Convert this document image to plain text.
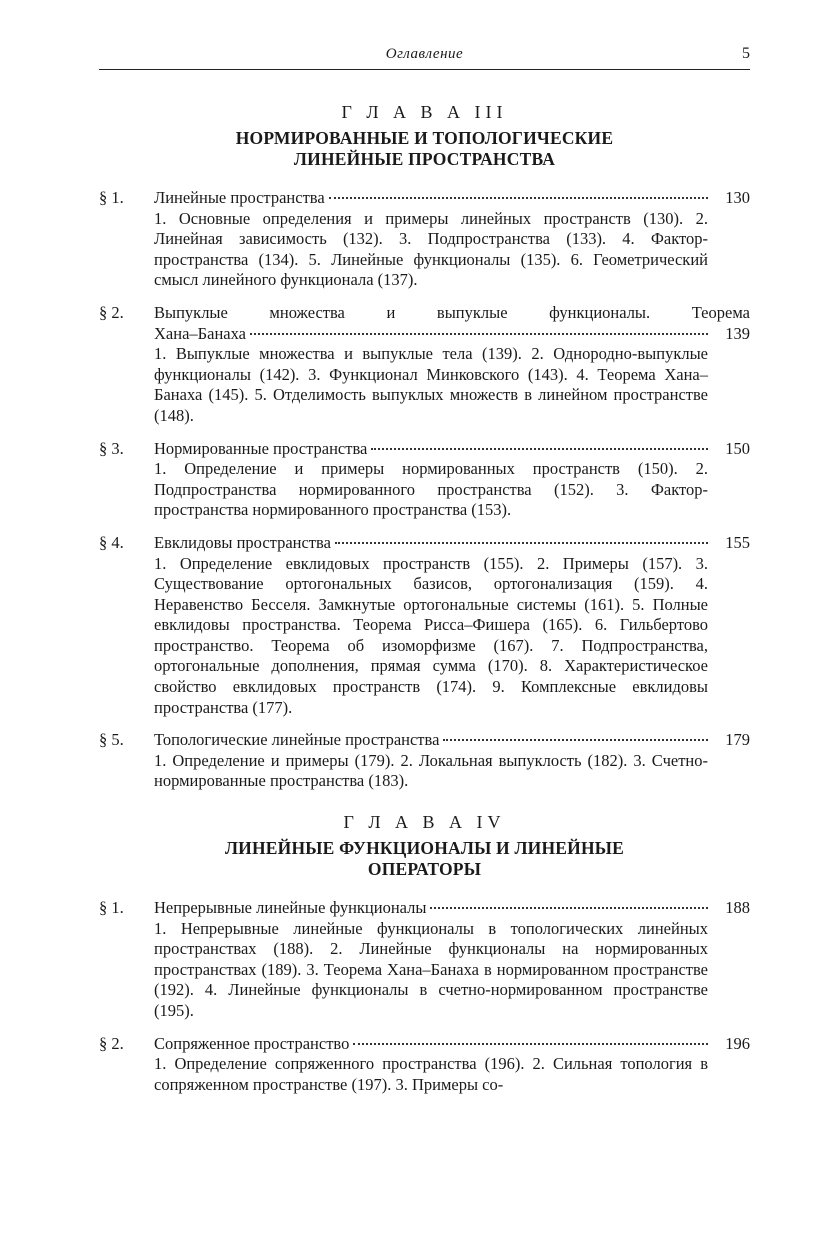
Оглавление	5
Г Л А В А III
НОРМИРОВАННЫЕ И ТОПОЛОГИЧЕСКИЕ
ЛИНЕЙНЫЕ ПРОСТРАНСТВА
§ 1.	Линейные пространства	130
1. Основные определения и примеры линейных пространств (130). 2. Линейная зависимость (132). 3. Подпространства (133). 4. Фактор-пространства (134). 5. Линейные функционалы (135). 6. Геометрический смысл линейного функционала (137).
§ 2.	Выпуклые множества и выпуклые функционалы. Теорема
Хана–Банаха	139
1. Выпуклые множества и выпуклые тела (139). 2. Однородно-выпуклые функционалы (142). 3. Функционал Минковского (143). 4. Теорема Хана–Банаха (145). 5. Отделимость выпуклых множеств в линейном пространстве (148).
§ 3.	Нормированные пространства	150
1. Определение и примеры нормированных пространств (150). 2. Подпространства нормированного пространства (152). 3. Фактор-пространства нормированного пространства (153).
§ 4.	Евклидовы пространства	155
1. Определение евклидовых пространств (155). 2. Примеры (157). 3. Существование ортогональных базисов, ортогонализация (159). 4. Неравенство Бесселя. Замкнутые ортогональные системы (161). 5. Полные евклидовы пространства. Теорема Рисса–Фишера (165). 6. Гильбертово пространство. Теорема об изоморфизме (167). 7. Подпространства, ортогональные дополнения, прямая сумма (170). 8. Характеристическое свойство евклидовых пространств (174). 9. Комплексные евклидовы пространства (177).
§ 5.	Топологические линейные пространства	179
1. Определение и примеры (179). 2. Локальная выпуклость (182). 3. Счетно-нормированные пространства (183).
Г Л А В А IV
ЛИНЕЙНЫЕ ФУНКЦИОНАЛЫ И ЛИНЕЙНЫЕ
ОПЕРАТОРЫ
§ 1.	Непрерывные линейные функционалы	188
1. Непрерывные линейные функционалы в топологических линейных пространствах (188). 2. Линейные функционалы на нормированных пространствах (189). 3. Теорема Хана–Банаха в нормированном пространстве (192). 4. Линейные функционалы в счетно-нормированном пространстве (195).
§ 2.	Сопряженное пространство	196
1. Определение сопряженного пространства (196). 2. Сильная топология в сопряженном пространстве (197). 3. Примеры со-
